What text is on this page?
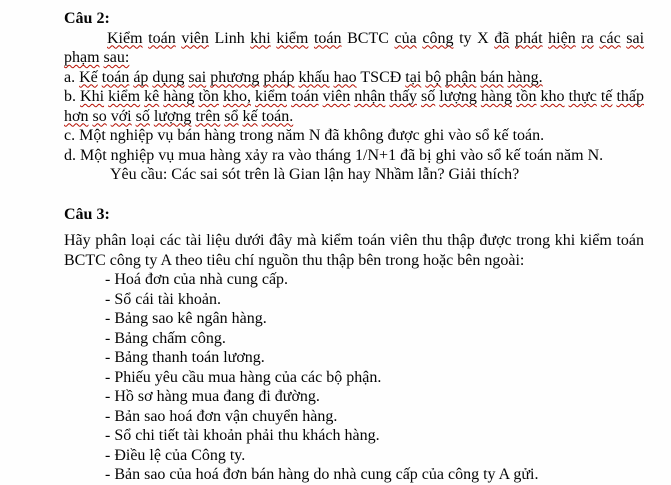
Câu 2:
Kiểm toán viên Linh khi kiểm toán BCTC của công ty X đã phát hiện ra các sai phạm sau:
a. Kế toán áp dụng sai phương pháp khấu hao TSCĐ tại bộ phận bán hàng.
b. Khi kiểm kê hàng tồn kho, kiểm toán viên nhận thấy số lượng hàng tồn kho thực tế thấp hơn so với số lượng trên sổ kế toán.
c. Một nghiệp vụ bán hàng trong năm N đã không được ghi vào sổ kế toán.
d. Một nghiệp vụ mua hàng xảy ra vào tháng 1/N+1 đã bị ghi vào sổ kế toán năm N.
Yêu cầu: Các sai sót trên là Gian lận hay Nhầm lẫn? Giải thích?
Câu 3:
Hãy phân loại các tài liệu dưới đây mà kiểm toán viên thu thập được trong khi kiểm toán BCTC công ty A theo tiêu chí nguồn thu thập bên trong hoặc bên ngoài:
- Hoá đơn của nhà cung cấp.
- Sổ cái tài khoản.
- Bảng sao kê ngân hàng.
- Bảng chấm công.
- Bảng thanh toán lương.
- Phiếu yêu cầu mua hàng của các bộ phận.
- Hồ sơ hàng mua đang đi đường.
- Bản sao hoá đơn vận chuyển hàng.
- Sổ chi tiết tài khoản phải thu khách hàng.
- Điều lệ của Công ty.
- Bản sao của hoá đơn bán hàng do nhà cung cấp của công ty A gửi.
